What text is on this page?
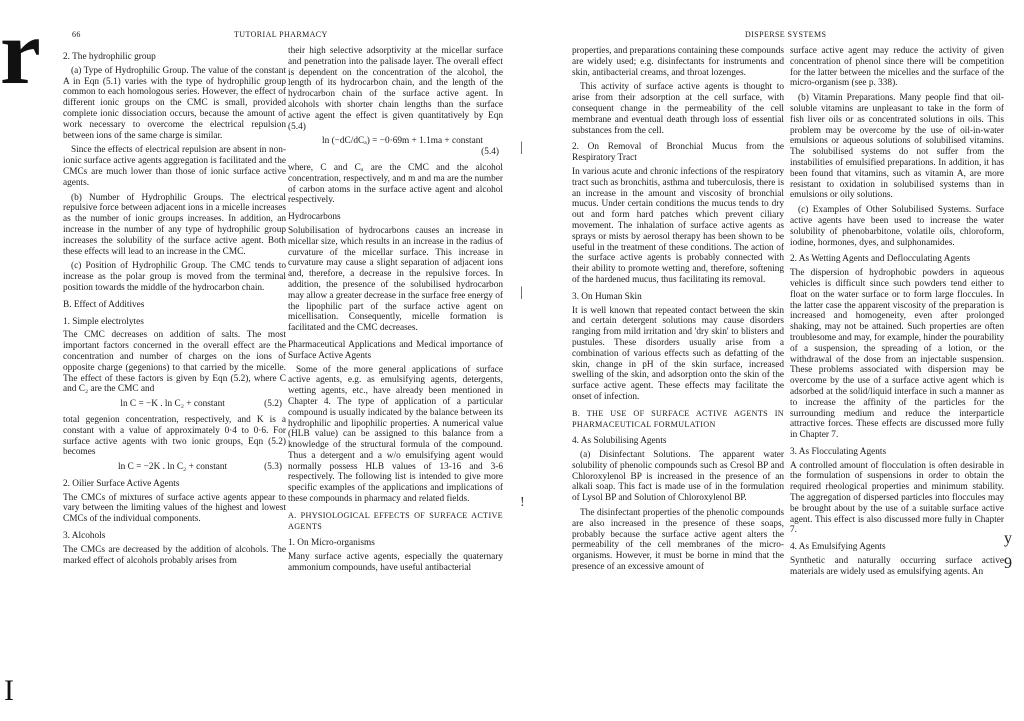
r
I
66	TUTORIAL PHARMACY	DISPERSE SYSTEMS
2. The hydrophilic group

(a) Type of Hydrophilic Group. The value of the constant A in Eqn (5.1) varies with the type of hydrophilic group common to each homologous series. However, the effect of different ionic groups on the CMC is small, provided complete ionic dissociation occurs, because the amount of work necessary to overcome the electrical repulsion between ions of the same charge is similar.

Since the effects of electrical repulsion are absent in non-ionic surface active agents aggregation is facilitated and the CMCs are much lower than those of ionic surface active agents.

(b) Number of Hydrophilic Groups. The electrical repulsive force between adjacent ions in a micelle increases as the number of ionic groups increases. In addition, an increase in the number of any type of hydrophilic group increases the solubility of the surface active agent. Both these effects will lead to an increase in the CMC.

(c) Position of Hydrophilic Group. The CMC tends to increase as the polar group is moved from the terminal position towards the middle of the hydrocarbon chain.

B. Effect of Additives
1. Simple electrolytes

The CMC decreases on addition of salts. The most important factors concerned in the overall effect are the concentration and number of charges on the ions of opposite charge (gegenions) to that carried by the micelle. The effect of these factors is given by Eqn (5.2), where C and C₂ are the CMC and

ln C = −K . ln C₂ + constant	(5.2)

total gegenion concentration, respectively, and K is a constant with a value of approximately 0·4 to 0·6. For surface active agents with two ionic groups, Eqn (5.2) becomes

ln C = −2K . ln C₂ + constant	(5.3)
2. Oilier Surface Active Agents

The CMCs of mixtures of surface active agents appear to vary between the limiting values of the highest and lowest CMCs of the individual components.

3. Alcohols

The CMCs are decreased by the addition of alcohols. The marked effect of alcohols probably arises from

their high selective adsorptivity at the micellar surface and penetration into the palisade layer. The overall effect is dependent on the concentration of the alcohol, the length of its hydrocarbon chain, and the length of the hydrocarbon chain of the surface active agent. In alcohols with shorter chain lengths than the surface active agent the effect is given quantitatively by Eqn (5.4)

ln (−dC/dCₐ) = −0·69m + 1.1ma + constant
(5.4)

where, C and Cₐ are the CMC and the alcohol concentration, respectively, and m and ma are the number of carbon atoms in the surface active agent and alcohol respectively.

Hydrocarbons

Solubilisation of hydrocarbons causes an increase in micellar size, which results in an increase in the radius of curvature of the micellar surface. This increase in curvature may cause a slight separation of adjacent ions and, therefore, a decrease in the repulsive forces. In addition, the presence of the solubilised hydrocarbon may allow a greater decrease in the surface free energy of the lipophilic part of the surface active agent on micellisation. Consequently, micelle formation is facilitated and the CMC decreases.

Pharmaceutical Applications and Medical importance of Surface Active Agents

Some of the more general applications of surface active agents, e.g. as emulsifying agents, detergents, wetting agents, etc., have already been mentioned in Chapter 4. The type of application of a particular compound is usually indicated by the balance between its hydrophilic and lipophilic properties. A numerical value (HLB value) can be assigned to this balance from a knowledge of the structural formula of the compound. Thus a detergent and a w/o emulsifying agent would normally possess HLB values of 13-16 and 3-6 respectively. The following list is intended to give more specific examples of the applications and implications of these compounds in pharmacy and related fields.

A. PHYSIOLOGICAL EFFECTS OF SURFACE ACTIVE AGENTS
1. On Micro-organisms

Many surface active agents, especially the quaternary ammonium compounds, have useful antibacterial

|
|
!

properties, and preparations containing these compounds are widely used; e.g. disinfectants for instruments and skin, antibacterial creams, and throat lozenges.

This activity of surface active agents is thought to arise from their adsorption at the cell surface, with consequent change in the permeability of the cell membrane and eventual death through loss of essential substances from the cell.

2. On Removal of Bronchial Mucus from the Respiratory Tract

In various acute and chronic infections of the respiratory tract such as bronchitis, asthma and tuberculosis, there is an increase in the amount and viscosity of bronchial mucus. Under certain conditions the mucus tends to dry out and form hard patches which prevent ciliary movement. The inhalation of surface active agents as sprays or mists by aerosol therapy has been shown to be useful in the treatment of these conditions. The action of the surface active agents is probably connected with their ability to promote wetting and, therefore, softening of the hardened mucus, thus facilitating its removal.

3. On Human Skin

It is well known that repeated contact between the skin and certain detergent solutions may cause disorders ranging from mild irritation and 'dry skin' to blisters and pustules. These disorders usually arise from a combination of various effects such as defatting of the skin, change in pH of the skin surface, increased swelling of the skin, and adsorption onto the skin of the surface active agent. These effects may facilitate the onset of infection.

B. THE USE OF SURFACE ACTIVE AGENTS IN PHARMACEUTICAL FORMULATION
4. As Solubilising Agents

(a) Disinfectant Solutions. The apparent water solubility of phenolic compounds such as Cresol BP and Chloroxylenol BP is increased in the presence of an alkali soap. This fact is made use of in the formulation of Lysol BP and Solution of Chloroxylenol BP.

The disinfectant properties of the phenolic compounds are also increased in the presence of these soaps, probably because the surface active agent alters the permeability of the cell membranes of the micro-organisms. However, it must be borne in mind that the presence of an excessive amount of

surface active agent may reduce the activity of given concentration of phenol since there will be competition for the latter between the micelles and the surface of the micro-organism (see p. 338).

(b) Vitamin Preparations. Many people find that oil-soluble vitamins are unpleasant to take in the form of fish liver oils or as concentrated solutions in oils. This problem may be overcome by the use of oil-in-water emulsions or aqueous solutions of solubilised vitamins. The solubilised systems do not suffer from the instabilities of emulsified preparations. In addition, it has been found that vitamins, such as vitamin A, are more resistant to oxidation in solubilised systems than in emulsions or oily solutions.

(c) Examples of Other Solubilised Systems. Surface active agents have been used to increase the water solubility of phenobarbitone, volatile oils, chloroform, iodine, hormones, dyes, and sulphonamides.

2. As Wetting Agents and Deflocculating Agents

The dispersion of hydrophobic powders in aqueous vehicles is difficult since such powders tend either to float on the water surface or to form large floccules. In the latter case the apparent viscosity of the preparation is increased and homogeneity, even after prolonged shaking, may not be attained. Such properties are often troublesome and may, for example, hinder the pourability of a suspension, the spreading of a lotion, or the withdrawal of the dose from an injectable suspension. These problems associated with dispersion may be overcome by the use of a surface active agent which is adsorbed at the solid/liquid interface in such a manner as to increase the affinity of the particles for the surrounding medium and reduce the interparticle attractive forces. These effects are discussed more fully in Chapter 7.

3. As Flocculating Agents

A controlled amount of flocculation is often desirable in the formulation of suspensions in order to obtain the required rheological properties and minimum stability. The aggregation of dispersed particles into floccules may be brought about by the use of a suitable surface active agent. This effect is also discussed more fully in Chapter 7.

4. As Emulsifying Agents

Synthetic and naturally occurring surface active materials are widely used as emulsifying agents. An

y
9
